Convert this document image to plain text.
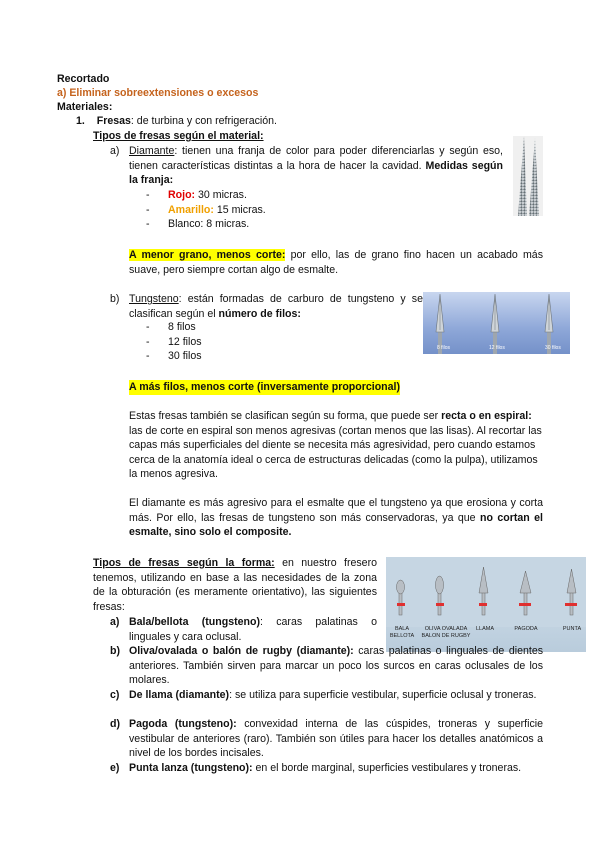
Recortado
a) Eliminar sobreextensiones o excesos
Materiales:
1. Fresas: de turbina y con refrigeración.
Tipos de fresas según el material:
a) Diamante: tienen una franja de color para poder diferenciarlas y según eso, tienen características distintas a la hora de hacer la cavidad. Medidas según la franja:
- Rojo: 30 micras.
- Amarillo: 15 micras.
- Blanco: 8 micras.
A menor grano, menos corte: por ello, las de grano fino hacen un acabado más suave, pero siempre cortan algo de esmalte.
b) Tungsteno: están formadas de carburo de tungsteno y se clasifican según el número de filos:
- 8 filos
- 12 filos
- 30 filos
8 filos	12 filos	30 filos
A más filos, menos corte (inversamente proporcional)
Estas fresas también se clasifican según su forma, que puede ser recta o en espiral: las de corte en espiral son menos agresivas (cortan menos que las lisas). Al recortar las capas más superficiales del diente se necesita más agresividad, pero cuando estamos cerca de la anatomía ideal o cerca de estructuras delicadas (como la pulpa), utilizamos la menos agresiva.
El diamante es más agresivo para el esmalte que el tungsteno ya que erosiona y corta más. Por ello, las fresas de tungsteno son más conservadoras, ya que no cortan el esmalte, sino solo el composite.
Tipos de fresas según la forma: en nuestro fresero tenemos, utilizando en base a las necesidades de la zona de la obturación (es meramente orientativo), las siguientes fresas:
BALA BELLOTA
OLIVA OVALADA BALON DE RUGBY
LLAMA	PAGODA	PUNTA
a) Bala/bellota (tungsteno): caras palatinas o linguales y cara oclusal.
b) Oliva/ovalada o balón de rugby (diamante): caras palatinas o linguales de dientes anteriores. También sirven para marcar un poco los surcos en caras oclusales de los molares.
c) De llama (diamante): se utiliza para superficie vestibular, superficie oclusal y troneras.
d) Pagoda (tungsteno): convexidad interna de las cúspides, troneras y superficie vestibular de anteriores (raro). También son útiles para hacer los detalles anatómicos a nivel de los bordes incisales.
e) Punta lanza (tungsteno): en el borde marginal, superficies vestibulares y troneras.
